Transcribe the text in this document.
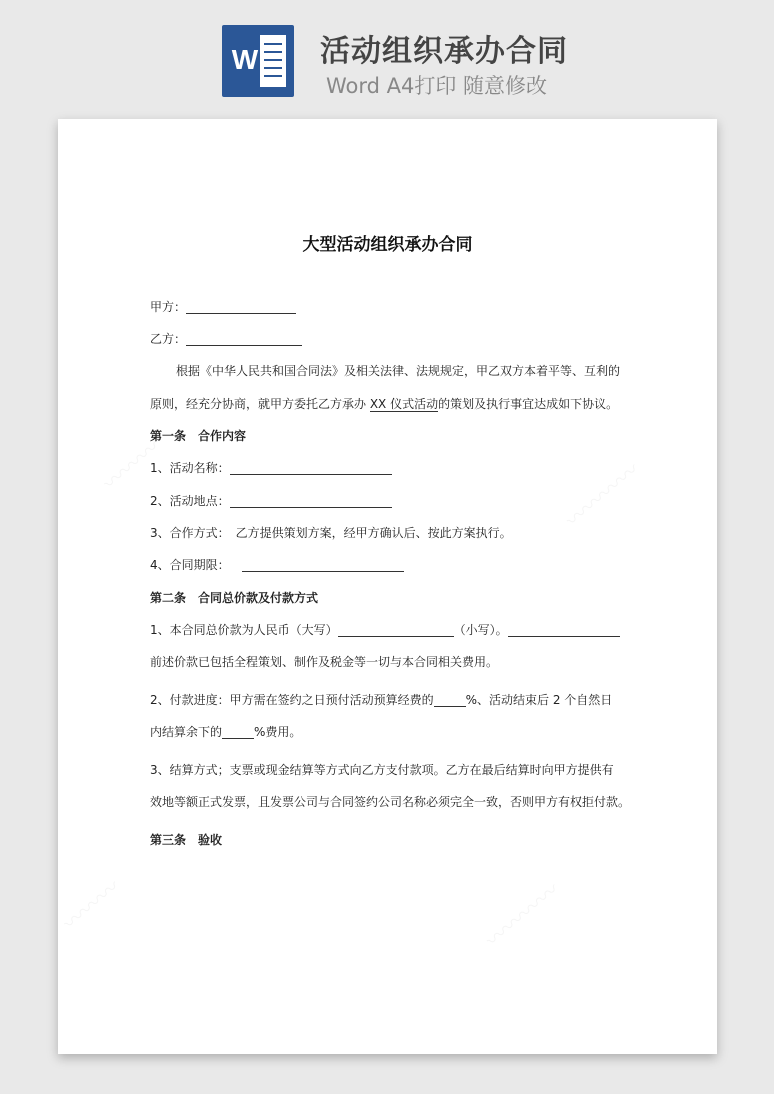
W 活动组织承办合同
Word A4打印 随意修改
大型活动组织承办合同
甲方：
乙方：
根据《中华人民共和国合同法》及相关法律、法规规定，甲乙双方本着平等、互利的
原则，经充分协商，就甲方委托乙方承办 XX 仪式活动的策划及执行事宜达成如下协议。
第一条　合作内容
1、活动名称：
2、活动地点：
3、合作方式：　乙方提供策划方案，经甲方确认后、按此方案执行。
4、合同期限：
第二条　合同总价款及付款方式
1、本合同总价款为人民币（大写）	（小写）。
前述价款已包括全程策划、制作及税金等一切与本合同相关费用。
2、付款进度：甲方需在签约之日预付活动预算经费的	%、活动结束后 2 个自然日
内结算余下的	%费用。
3、结算方式；支票或现金结算等方式向乙方支付款项。乙方在最后结算时向甲方提供有
效地等额正式发票，且发票公司与合同签约公司名称必须完全一致，否则甲方有权拒付款。
第三条　验收
〰〰〰	〰〰〰〰
〰〰〰	〰〰〰〰
